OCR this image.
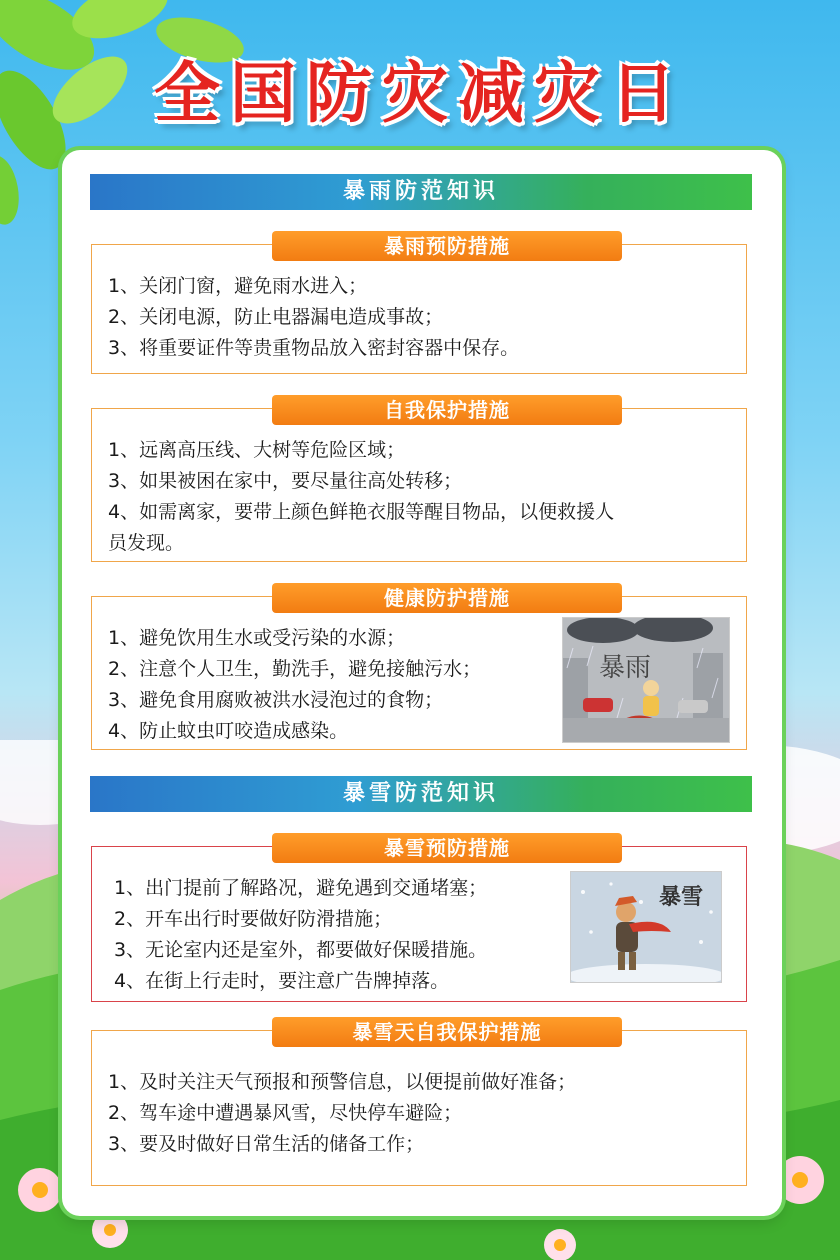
全国防灾减灾日
暴雨防范知识
暴雨预防措施
1、关闭门窗，避免雨水进入；
2、关闭电源，防止电器漏电造成事故；
3、将重要证件等贵重物品放入密封容器中保存。
自我保护措施
1、远离高压线、大树等危险区域；
3、如果被困在家中，要尽量往高处转移；
4、如需离家，要带上颜色鲜艳衣服等醒目物品，以便救援人
员发现。
健康防护措施
1、避免饮用生水或受污染的水源；
2、注意个人卫生，勤洗手，避免接触污水；
3、避免食用腐败被洪水浸泡过的食物；
4、防止蚊虫叮咬造成感染。
暴雨
暴雪防范知识
暴雪预防措施
1、出门提前了解路况，避免遇到交通堵塞；
2、开车出行时要做好防滑措施；
3、无论室内还是室外，都要做好保暖措施。
4、在街上行走时，要注意广告牌掉落。
暴雪
暴雪天自我保护措施
1、及时关注天气预报和预警信息，以便提前做好准备；
2、驾车途中遭遇暴风雪，尽快停车避险；
3、要及时做好日常生活的储备工作；
